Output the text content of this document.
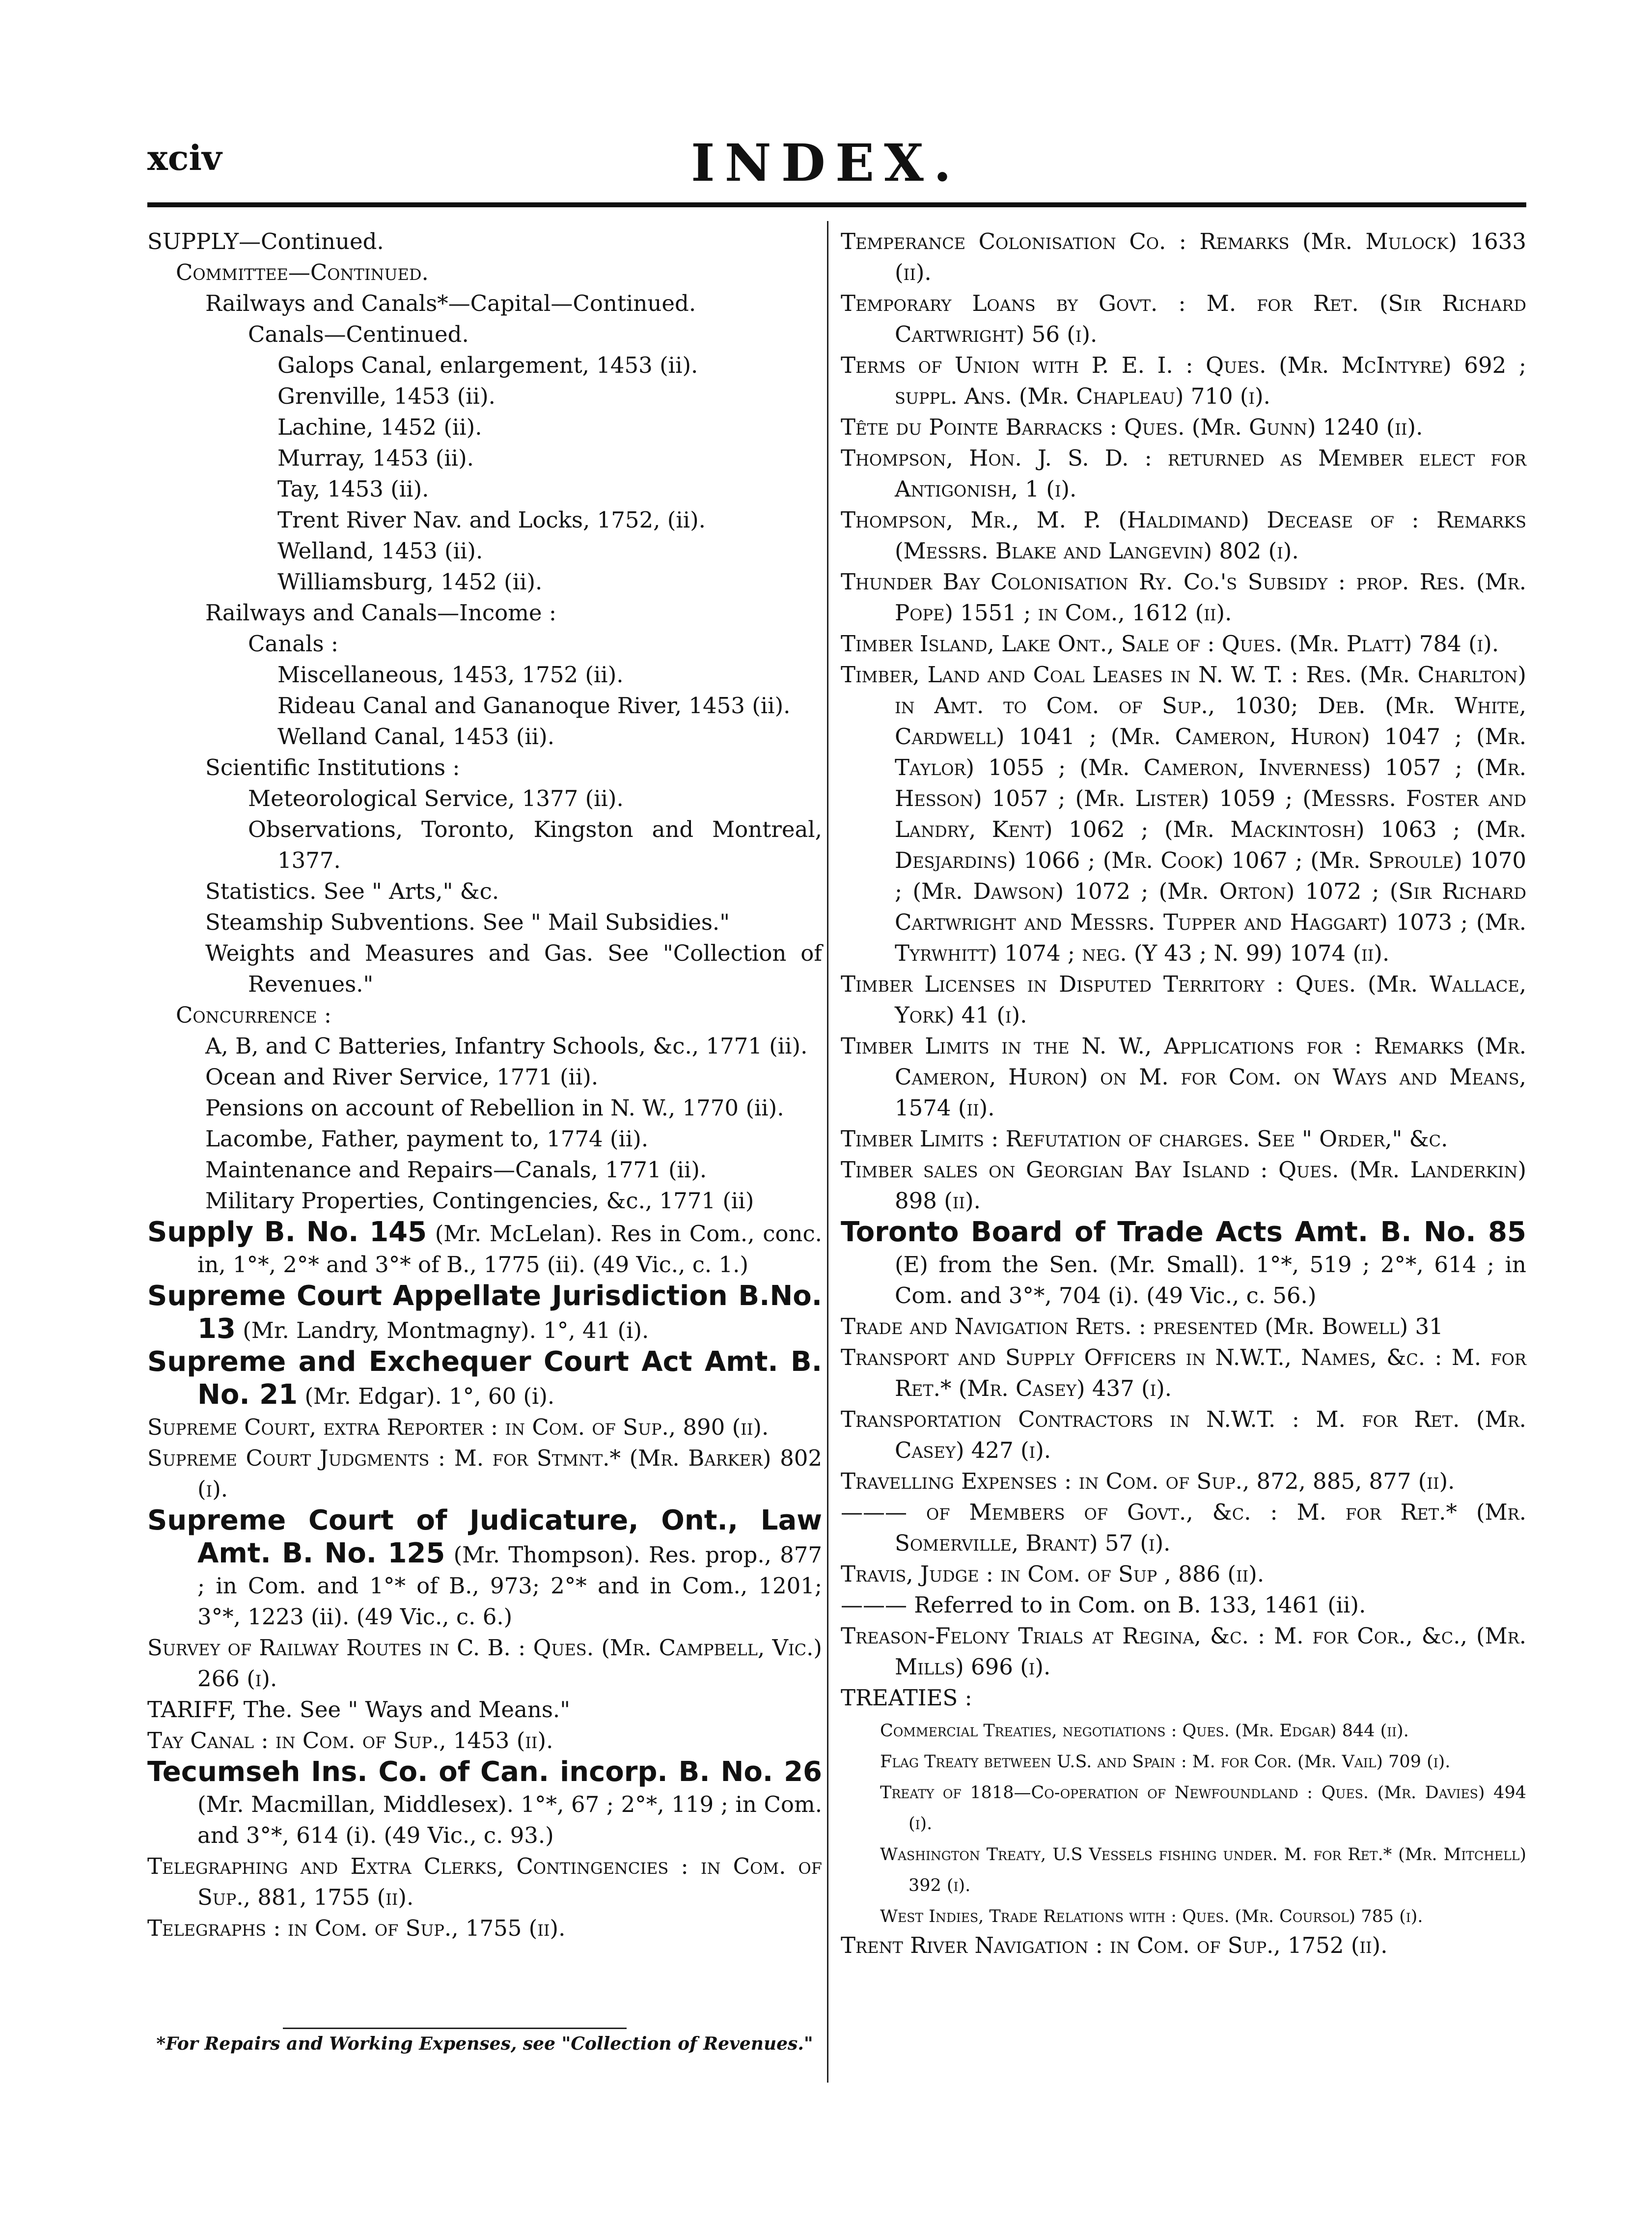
xciv	INDEX.
SUPPLY—Continued.
Committee—Continued.
Railways and Canals*—Capital—Continued.
Canals—Centinued.
Galops Canal, enlargement, 1453 (ii).
Grenville, 1453 (ii).
Lachine, 1452 (ii).
Murray, 1453 (ii).
Tay, 1453 (ii).
Trent River Nav. and Locks, 1752, (ii).
Welland, 1453 (ii).
Williamsburg, 1452 (ii).
Railways and Canals—Income :
Canals :
Miscellaneous, 1453, 1752 (ii).
Rideau Canal and Gananoque River, 1453 (ii).
Welland Canal, 1453 (ii).
Scientific Institutions :
Meteorological Service, 1377 (ii).
Observations, Toronto, Kingston and Montreal, 1377.
Statistics. See " Arts," &c.
Steamship Subventions. See " Mail Subsidies."
Weights and Measures and Gas. See "Collection of Revenues."
Concurrence :
A, B, and C Batteries, Infantry Schools, &c., 1771 (ii).
Ocean and River Service, 1771 (ii).
Pensions on account of Rebellion in N. W., 1770 (ii).
Lacombe, Father, payment to, 1774 (ii).
Maintenance and Repairs—Canals, 1771 (ii).
Military Properties, Contingencies, &c., 1771 (ii)
Supply B. No. 145 (Mr. McLelan). Res in Com., conc. in, 1°*, 2°* and 3°* of B., 1775 (ii). (49 Vic., c. 1.)
Supreme Court Appellate Jurisdiction B.No. 13 (Mr. Landry, Montmagny). 1°, 41 (i).
Supreme and Exchequer Court Act Amt. B. No. 21 (Mr. Edgar). 1°, 60 (i).
Supreme Court, extra Reporter : in Com. of Sup., 890 (ii).
Supreme Court Judgments : M. for Stmnt.* (Mr. Barker) 802 (i).
Supreme Court of Judicature, Ont., Law Amt. B. No. 125 (Mr. Thompson). Res. prop., 877 ; in Com. and 1°* of B., 973; 2°* and in Com., 1201; 3°*, 1223 (ii). (49 Vic., c. 6.)
Survey of Railway Routes in C. B. : Ques. (Mr. Campbell, Vic.) 266 (i).
TARIFF, The. See " Ways and Means."
Tay Canal : in Com. of Sup., 1453 (ii).
Tecumseh Ins. Co. of Can. incorp. B. No. 26 (Mr. Macmillan, Middlesex). 1°*, 67 ; 2°*, 119 ; in Com. and 3°*, 614 (i). (49 Vic., c. 93.)
Telegraphing and Extra Clerks, Contingencies : in Com. of Sup., 881, 1755 (ii).
Telegraphs : in Com. of Sup., 1755 (ii).
Temperance Colonisation Co. : Remarks (Mr. Mulock) 1633 (ii).
Temporary Loans by Govt. : M. for Ret. (Sir Richard Cartwright) 56 (i).
Terms of Union with P. E. I. : Ques. (Mr. McIntyre) 692 ; suppl. Ans. (Mr. Chapleau) 710 (i).
Tête du Pointe Barracks : Ques. (Mr. Gunn) 1240 (ii).
Thompson, Hon. J. S. D. : returned as Member elect for Antigonish, 1 (i).
Thompson, Mr., M. P. (Haldimand) Decease of : Remarks (Messrs. Blake and Langevin) 802 (i).
Thunder Bay Colonisation Ry. Co.'s Subsidy : prop. Res. (Mr. Pope) 1551 ; in Com., 1612 (ii).
Timber Island, Lake Ont., Sale of : Ques. (Mr. Platt) 784 (i).
Timber, Land and Coal Leases in N. W. T. : Res. (Mr. Charlton) in Amt. to Com. of Sup., 1030; Deb. (Mr. White, Cardwell) 1041 ; (Mr. Cameron, Huron) 1047 ; (Mr. Taylor) 1055 ; (Mr. Cameron, Inverness) 1057 ; (Mr. Hesson) 1057 ; (Mr. Lister) 1059 ; (Messrs. Foster and Landry, Kent) 1062 ; (Mr. Mackintosh) 1063 ; (Mr. Desjardins) 1066 ; (Mr. Cook) 1067 ; (Mr. Sproule) 1070 ; (Mr. Dawson) 1072 ; (Mr. Orton) 1072 ; (Sir Richard Cartwright and Messrs. Tupper and Haggart) 1073 ; (Mr. Tyrwhitt) 1074 ; neg. (Y 43 ; N. 99) 1074 (ii).
Timber Licenses in Disputed Territory : Ques. (Mr. Wallace, York) 41 (i).
Timber Limits in the N. W., Applications for : Remarks (Mr. Cameron, Huron) on M. for Com. on Ways and Means, 1574 (ii).
Timber Limits : Refutation of charges. See " Order," &c.
Timber sales on Georgian Bay Island : Ques. (Mr. Landerkin) 898 (ii).
Toronto Board of Trade Acts Amt. B. No. 85 (E) from the Sen. (Mr. Small). 1°*, 519 ; 2°*, 614 ; in Com. and 3°*, 704 (i). (49 Vic., c. 56.)
Trade and Navigation Rets. : presented (Mr. Bowell) 31
Transport and Supply Officers in N.W.T., Names, &c. : M. for Ret.* (Mr. Casey) 437 (i).
Transportation Contractors in N.W.T. : M. for Ret. (Mr. Casey) 427 (i).
Travelling Expenses : in Com. of Sup., 872, 885, 877 (ii).
——— of Members of Govt., &c. : M. for Ret.* (Mr. Somerville, Brant) 57 (i).
Travis, Judge : in Com. of Sup , 886 (ii).
——— Referred to in Com. on B. 133, 1461 (ii).
Treason-Felony Trials at Regina, &c. : M. for Cor., &c., (Mr. Mills) 696 (i).
TREATIES :
Commercial Treaties, negotiations : Ques. (Mr. Edgar) 844 (ii).
Flag Treaty between U.S. and Spain : M. for Cor. (Mr. Vail) 709 (i).
Treaty of 1818—Co-operation of Newfoundland : Ques. (Mr. Davies) 494 (i).
Washington Treaty, U.S Vessels fishing under. M. for Ret.* (Mr. Mitchell) 392 (i).
West Indies, Trade Relations with : Ques. (Mr. Coursol) 785 (i).
Trent River Navigation : in Com. of Sup., 1752 (ii).
*For Repairs and Working Expenses, see "Collection of Revenues."
